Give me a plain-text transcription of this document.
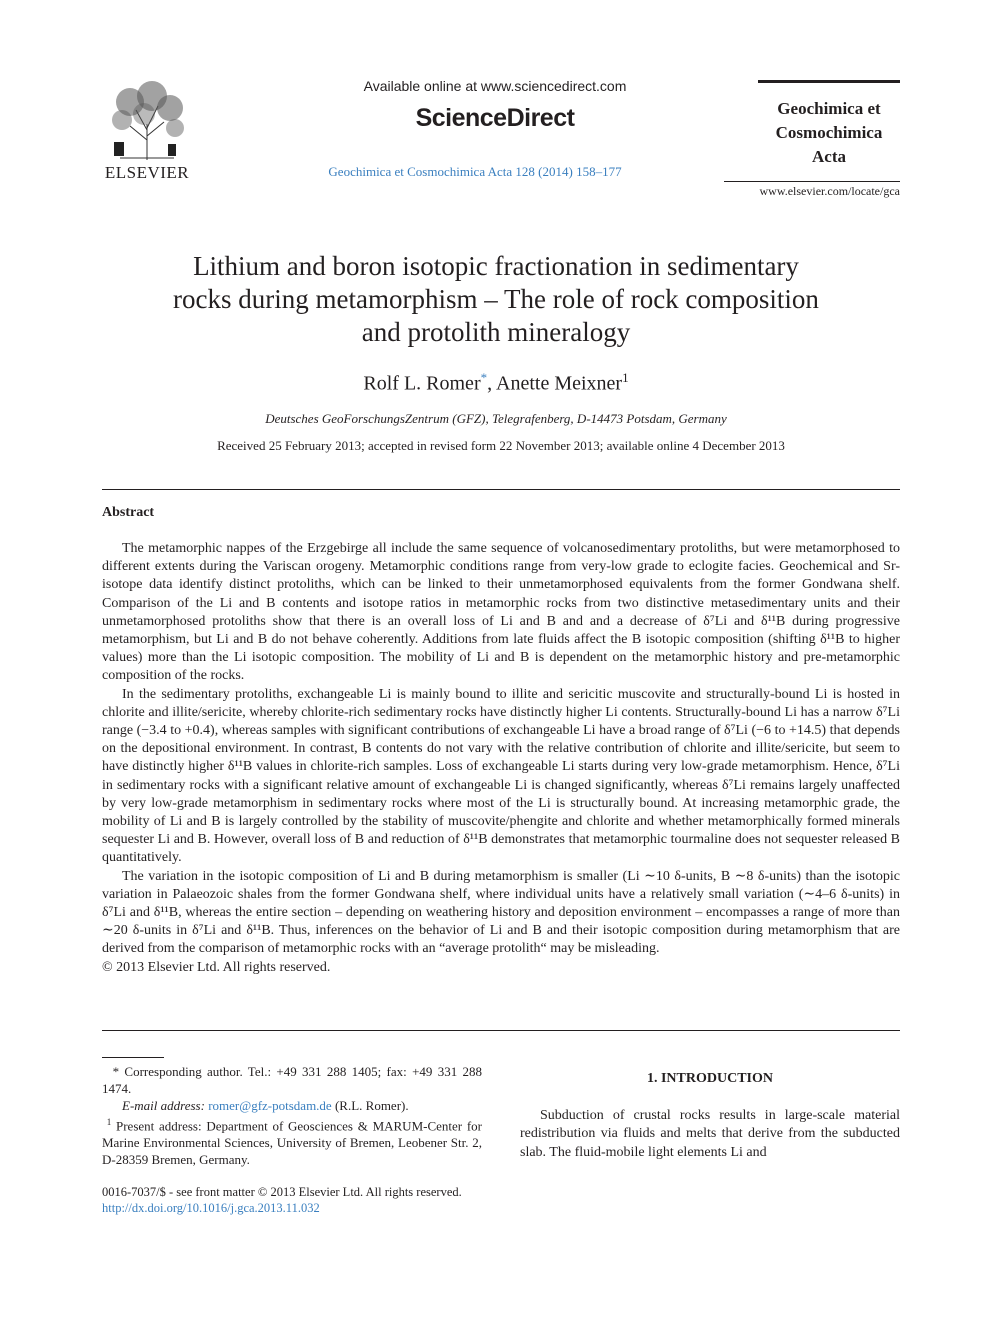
ELSEVIER
Available online at www.sciencedirect.com
ScienceDirect
Geochimica et Cosmochimica Acta 128 (2014) 158–177
Geochimica et
Cosmochimica
Acta
www.elsevier.com/locate/gca
Lithium and boron isotopic fractionation in sedimentary
rocks during metamorphism – The role of rock composition
and protolith mineralogy
Rolf L. Romer*, Anette Meixner$^1$
Deutsches GeoForschungsZentrum (GFZ), Telegrafenberg, D-14473 Potsdam, Germany
Received 25 February 2013; accepted in revised form 22 November 2013; available online 4 December 2013
Abstract

The metamorphic nappes of the Erzgebirge all include the same sequence of volcanosedimentary protoliths, but were metamorphosed to different extents during the Variscan orogeny. Metamorphic conditions range from very-low grade to eclogite facies. Geochemical and Sr-isotope data identify distinct protoliths, which can be linked to their unmetamorphosed equivalents from the former Gondwana shelf. Comparison of the Li and B contents and isotope ratios in metamorphic rocks from two distinctive metasedimentary units and their unmetamorphosed protoliths show that there is an overall loss of Li and B and and a decrease of δ⁷Li and δ¹¹B during progressive metamorphism, but Li and B do not behave coherently. Additions from late fluids affect the B isotopic composition (shifting δ¹¹B to higher values) more than the Li isotopic composition. The mobility of Li and B is dependent on the metamorphic history and pre-metamorphic composition of the rocks.

In the sedimentary protoliths, exchangeable Li is mainly bound to illite and sericitic muscovite and structurally-bound Li is hosted in chlorite and illite/sericite, whereby chlorite-rich sedimentary rocks have distinctly higher Li contents. Structurally-bound Li has a narrow δ⁷Li range (−3.4 to +0.4), whereas samples with significant contributions of exchangeable Li have a broad range of δ⁷Li (−6 to +14.5) that depends on the depositional environment. In contrast, B contents do not vary with the relative contribution of chlorite and illite/sericite, but seem to have distinctly higher δ¹¹B values in chlorite-rich samples. Loss of exchangeable Li starts during very low-grade metamorphism. Hence, δ⁷Li in sedimentary rocks with a significant relative amount of exchangeable Li is changed significantly, whereas δ⁷Li remains largely unaffected by very low-grade metamorphism in sedimentary rocks where most of the Li is structurally bound. At increasing metamorphic grade, the mobility of Li and B is largely controlled by the stability of muscovite/phengite and chlorite and whether metamorphically formed minerals sequester Li and B. However, overall loss of B and reduction of δ¹¹B demonstrates that metamorphic tourmaline does not sequester released B quantitatively.

The variation in the isotopic composition of Li and B during metamorphism is smaller (Li ∼10 δ-units, B ∼8 δ-units) than the isotopic variation in Palaeozoic shales from the former Gondwana shelf, where individual units have a relatively small variation (∼4–6 δ-units) in δ⁷Li and δ¹¹B, whereas the entire section – depending on weathering history and deposition environment – encompasses a range of more than ∼20 δ-units in δ⁷Li and δ¹¹B. Thus, inferences on the behavior of Li and B and their isotopic composition during metamorphism that are derived from the comparison of metamorphic rocks with an “average protolith“ may be misleading.

© 2013 Elsevier Ltd. All rights reserved.

* Corresponding author. Tel.: +49 331 288 1405; fax: +49 331 288 1474.

E-mail address: romer@gfz-potsdam.de (R.L. Romer).

$^1$ Present address: Department of Geosciences & MARUM-Center for Marine Environmental Sciences, University of Bremen, Leobener Str. 2, D-28359 Bremen, Germany.

0016-7037/$ - see front matter © 2013 Elsevier Ltd. All rights reserved.
http://dx.doi.org/10.1016/j.gca.2013.11.032
1. INTRODUCTION

Subduction of crustal rocks results in large-scale material redistribution via fluids and melts that derive from the subducted slab. The fluid-mobile light elements Li and
